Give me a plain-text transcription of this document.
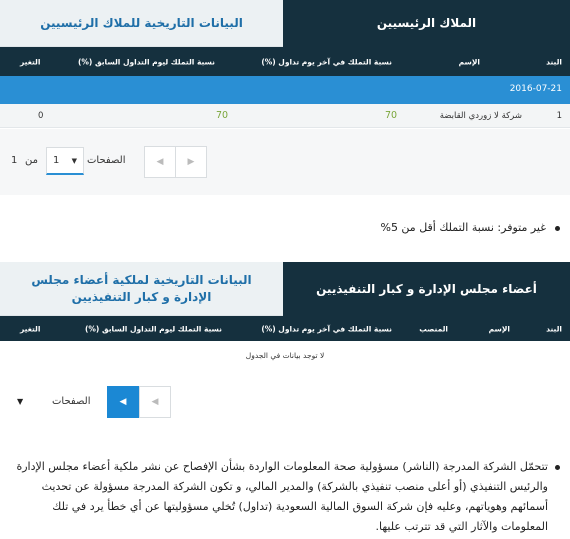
الملاك الرئيسيين
البيانات التاريخية للملاك الرئيسيين
البند
الإسم
نسبة التملك في آخر يوم تداول (%)
نسبة التملك ليوم التداول السابق (%)
التغير
2016-07-21
1
شركة لا زوردي القابضة
70
70
0
▶
◀
الصفحات
1 ▼
من
1
غير متوفر: نسبة التملك أقل من 5%
أعضاء مجلس الإدارة و كبار التنفيذيين
البيانات التاريخية لملكية أعضاء مجلس الإدارة و كبار التنفيذيين
البند
الإسم
المنصب
نسبة التملك في آخر يوم تداول (%)
نسبة التملك ليوم التداول السابق (%)
التغير
لا توجد بيانات في الجدول
◀
◀
الصفحات
▼
تتحمّل الشركة المدرجة (الناشر) مسؤولية صحة المعلومات الواردة بشأن الإفصاح عن نشر ملكية أعضاء مجلس الإدارة والرئيس التنفيذي (أو أعلى منصب تنفيذي بالشركة) والمدير المالي، و تكون الشركة المدرجة مسؤولة عن تحديث أسمائهم وهوياتهم، وعليه فإن شركة السوق المالية السعودية (تداول) تُخلي مسؤوليتها عن أي خطأ يرد في تلك المعلومات والآثار التي قد تترتب عليها.
